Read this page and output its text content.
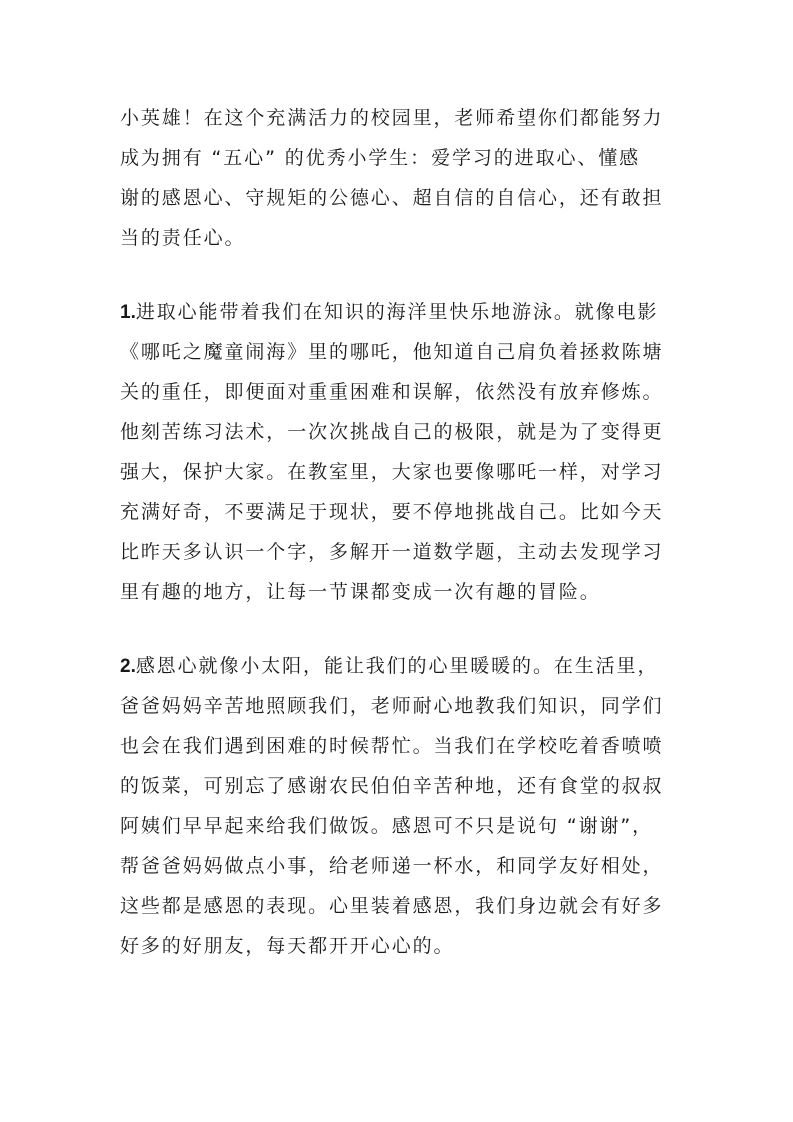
小英雄！在这个充满活力的校园里，老师希望你们都能努力
成为拥有 “五心” 的优秀小学生：爱学习的进取心、懂感
谢的感恩心、守规矩的公德心、超自信的自信心，还有敢担
当的责任心。
1.进取心能带着我们在知识的海洋里快乐地游泳。就像电影
《哪吒之魔童闹海》里的哪吒，他知道自己肩负着拯救陈塘
关的重任，即便面对重重困难和误解，依然没有放弃修炼。
他刻苦练习法术，一次次挑战自己的极限，就是为了变得更
强大，保护大家。在教室里，大家也要像哪吒一样，对学习
充满好奇，不要满足于现状，要不停地挑战自己。比如今天
比昨天多认识一个字，多解开一道数学题，主动去发现学习
里有趣的地方，让每一节课都变成一次有趣的冒险。
2.感恩心就像小太阳，能让我们的心里暖暖的。在生活里，
爸爸妈妈辛苦地照顾我们，老师耐心地教我们知识，同学们
也会在我们遇到困难的时候帮忙。当我们在学校吃着香喷喷
的饭菜，可别忘了感谢农民伯伯辛苦种地，还有食堂的叔叔
阿姨们早早起来给我们做饭。感恩可不只是说句 “谢谢”，
帮爸爸妈妈做点小事，给老师递一杯水，和同学友好相处，
这些都是感恩的表现。心里装着感恩，我们身边就会有好多
好多的好朋友，每天都开开心心的。
